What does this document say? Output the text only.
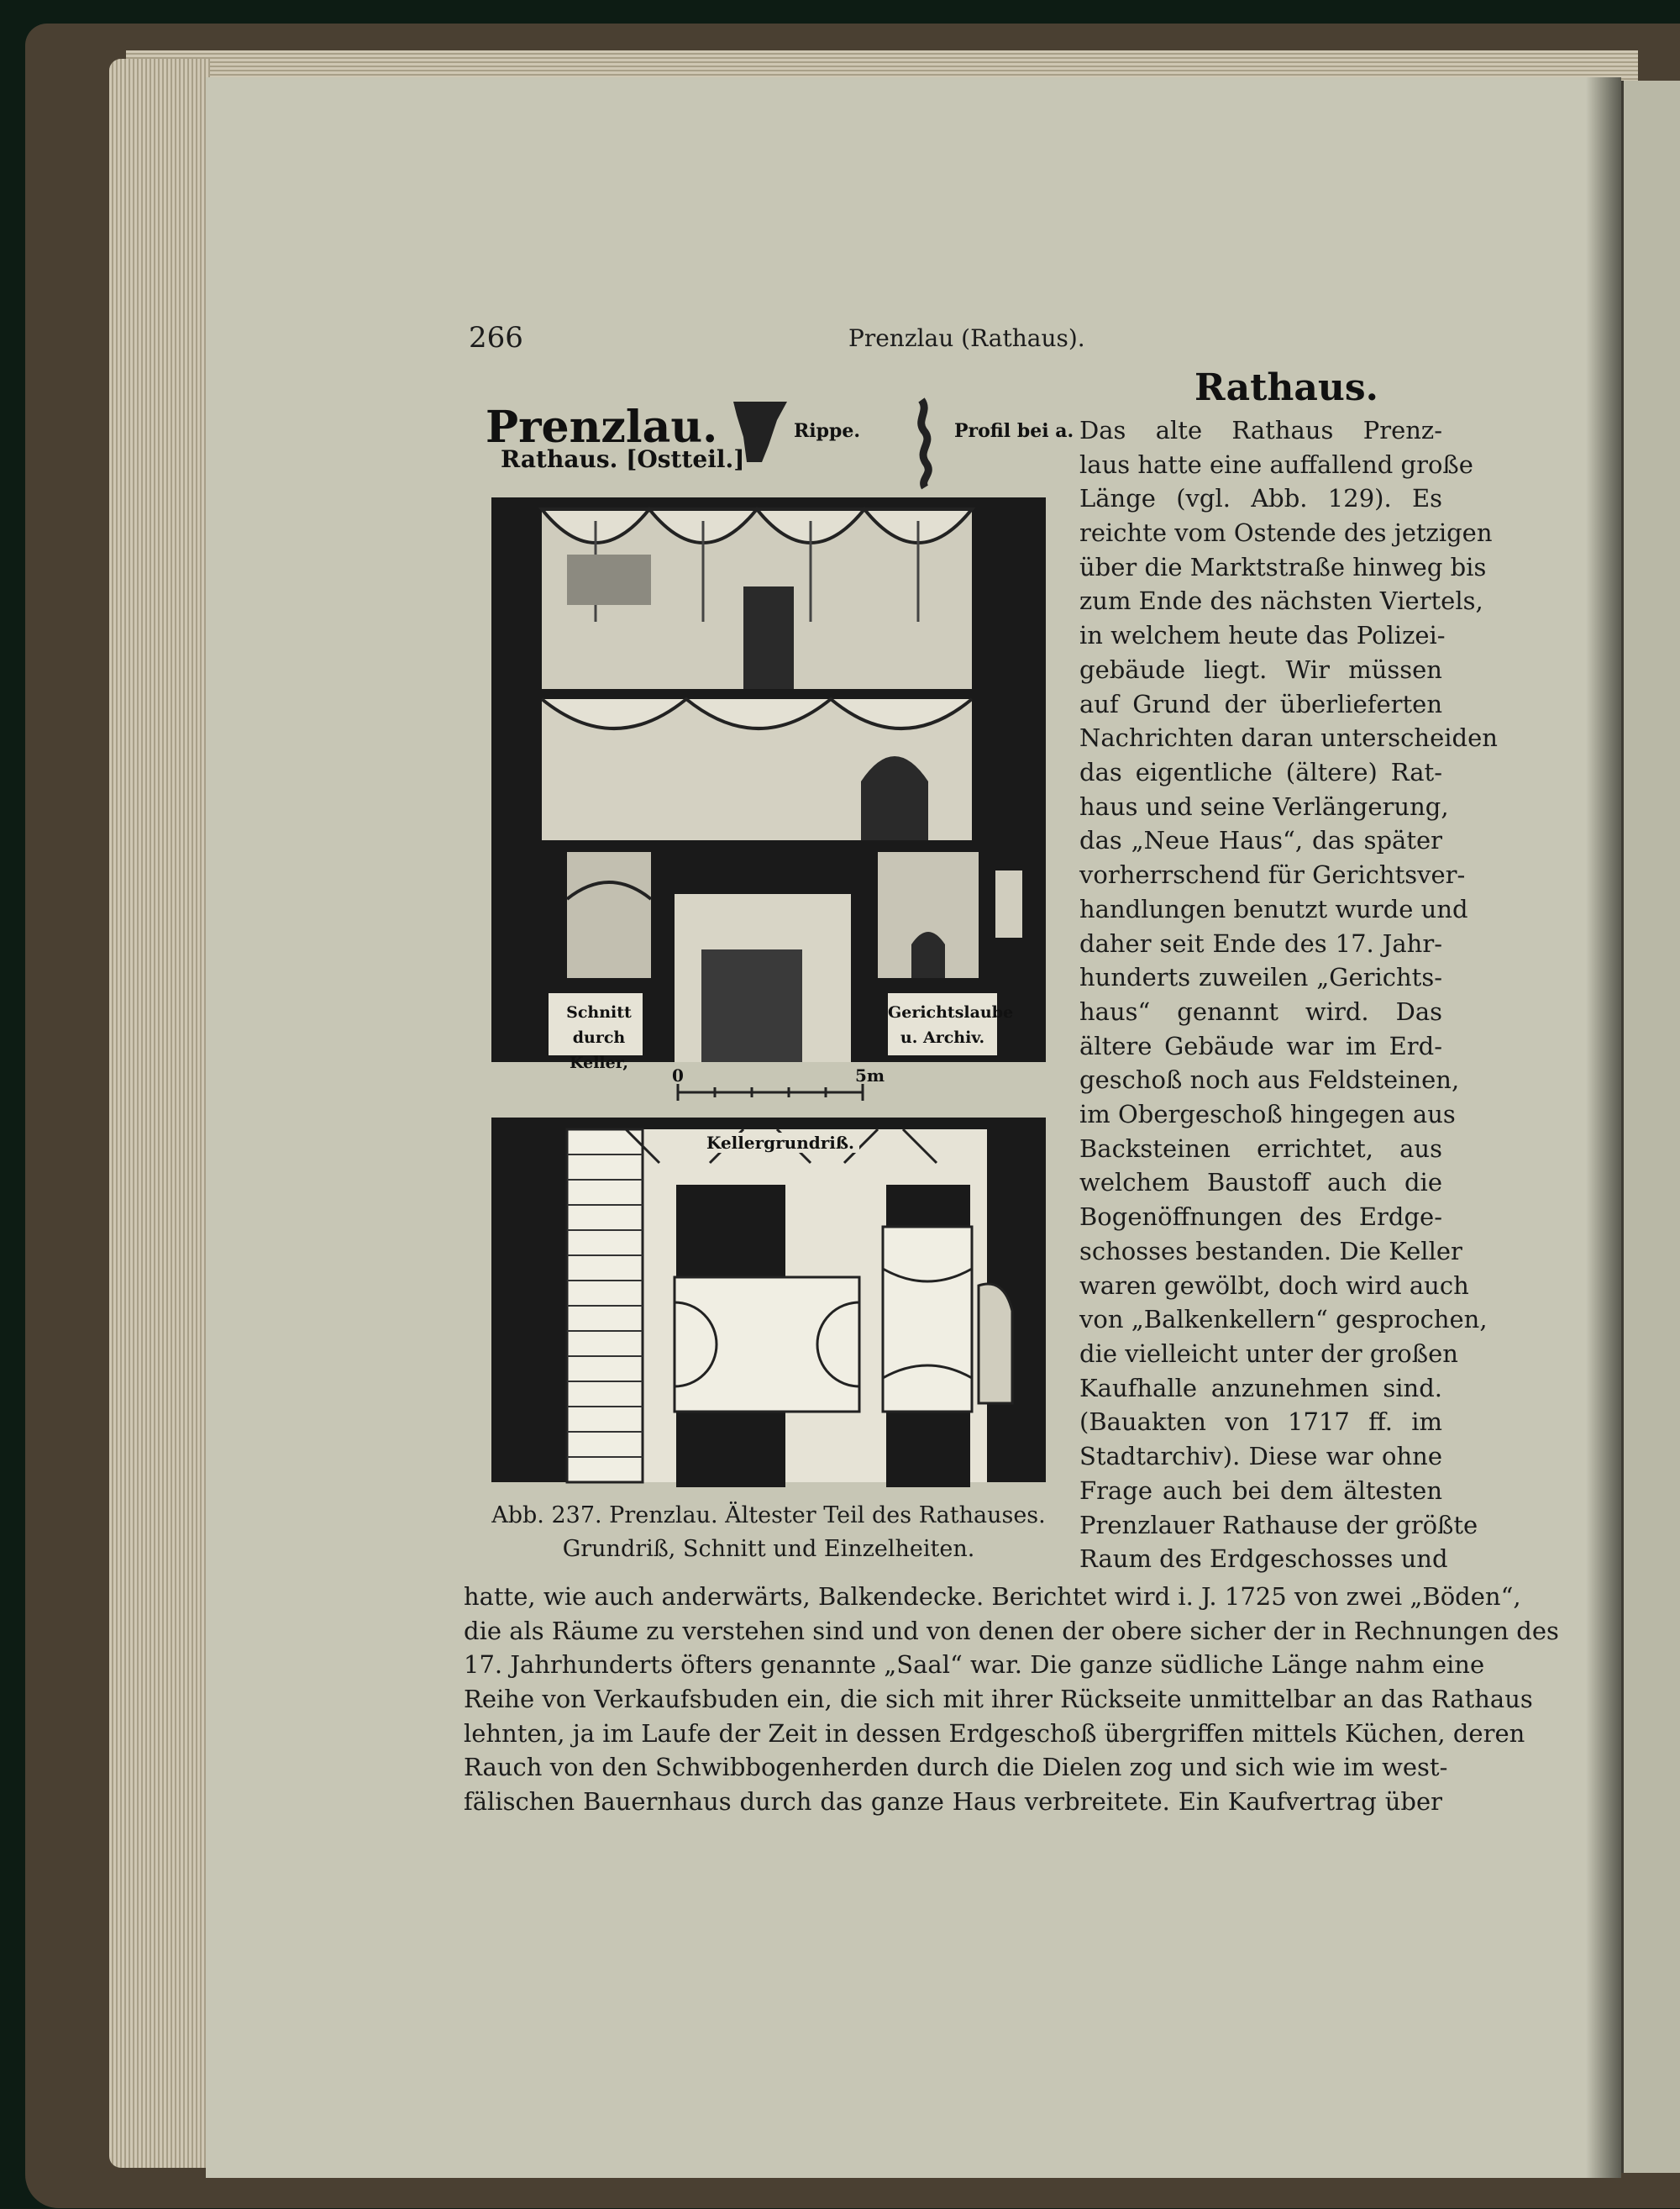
266	Prenzlau (Rathaus).
Prenzlau.
Rathaus. [Ostteil.]
Rippe.	Profil bei a.
Schnitt durch Keller,
Gerichtslaube u. Archiv.
0	5m
Kellergrundriß.
Abb. 237. Prenzlau. Ältester Teil des Rathauses.
Grundriß, Schnitt und Einzelheiten.
Rathaus.
Das alte Rathaus Prenz-
laus hatte eine auffallend große
Länge (vgl. Abb. 129). Es
reichte vom Ostende des jetzigen
über die Marktstraße hinweg bis
zum Ende des nächsten Viertels,
in welchem heute das Polizei-
gebäude liegt. Wir müssen
auf Grund der überlieferten
Nachrichten daran unterscheiden
das eigentliche (ältere) Rat-
haus und seine Verlängerung,
das „Neue Haus“, das später
vorherrschend für Gerichtsver-
handlungen benutzt wurde und
daher seit Ende des 17. Jahr-
hunderts zuweilen „Gerichts-
haus“ genannt wird. Das
ältere Gebäude war im Erd-
geschoß noch aus Feldsteinen,
im Obergeschoß hingegen aus
Backsteinen errichtet, aus
welchem Baustoff auch die
Bogenöffnungen des Erdge-
schosses bestanden. Die Keller
waren gewölbt, doch wird auch
von „Balkenkellern“ gesprochen,
die vielleicht unter der großen
Kaufhalle anzunehmen sind.
(Bauakten von 1717 ff. im
Stadtarchiv). Diese war ohne
Frage auch bei dem ältesten
Prenzlauer Rathause der größte
Raum des Erdgeschosses und
hatte, wie auch anderwärts, Balkendecke. Berichtet wird i. J. 1725 von zwei „Böden“,
die als Räume zu verstehen sind und von denen der obere sicher der in Rechnungen des
17. Jahrhunderts öfters genannte „Saal“ war. Die ganze südliche Länge nahm eine
Reihe von Verkaufsbuden ein, die sich mit ihrer Rückseite unmittelbar an das Rathaus
lehnten, ja im Laufe der Zeit in dessen Erdgeschoß übergriffen mittels Küchen, deren
Rauch von den Schwibbogenherden durch die Dielen zog und sich wie im west-
fälischen Bauernhaus durch das ganze Haus verbreitete. Ein Kaufvertrag über
